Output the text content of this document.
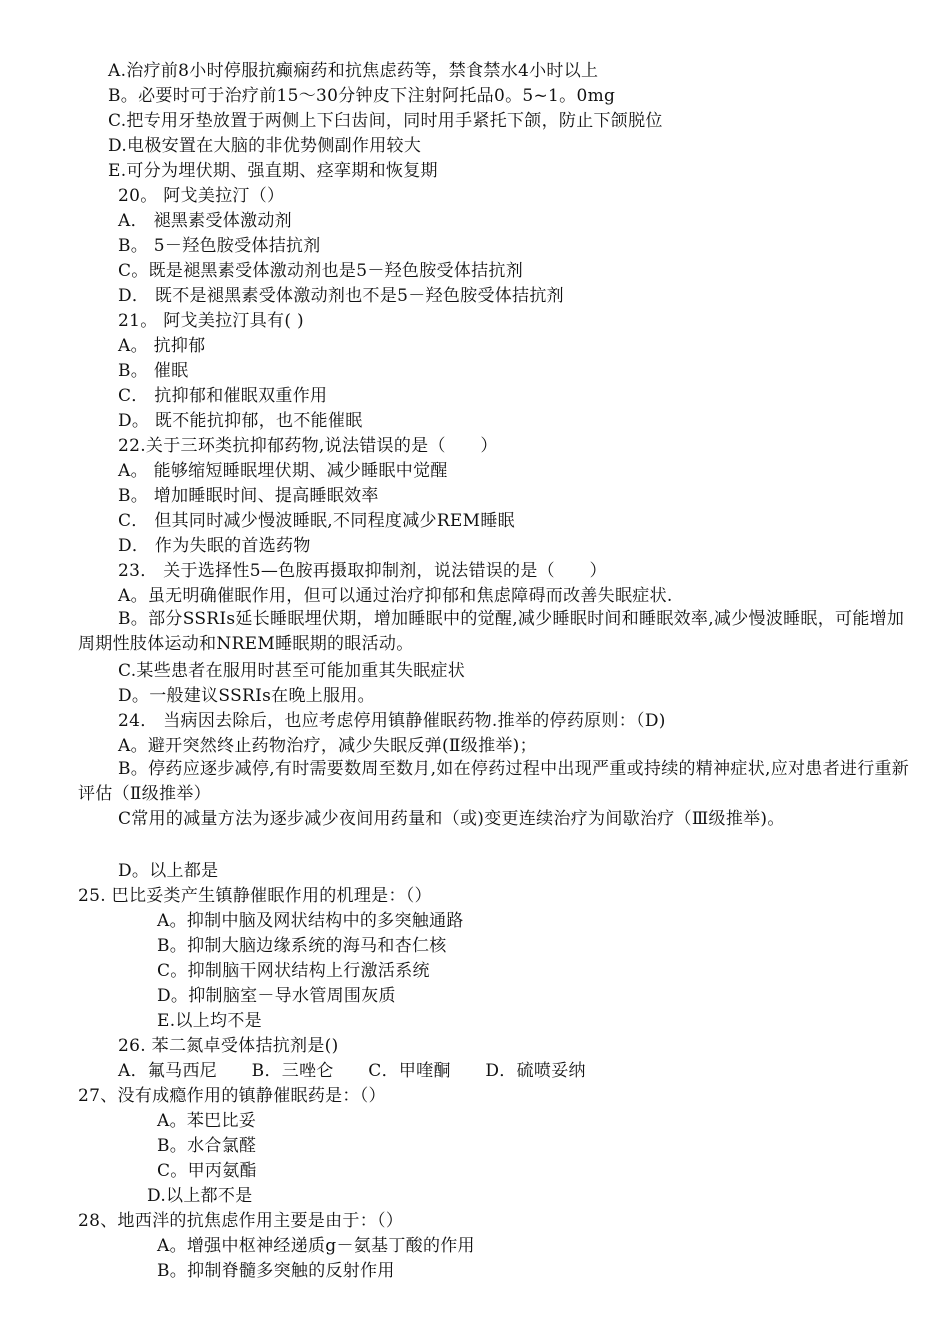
A.治疗前8小时停服抗癫痫药和抗焦虑药等，禁食禁水4小时以上
B。必要时可于治疗前15～30分钟皮下注射阿托品0。5~1。0mg
C.把专用牙垫放置于两侧上下臼齿间，同时用手紧托下颌，防止下颌脱位
D.电极安置在大脑的非优势侧副作用较大
E.可分为埋伏期、强直期、痉挛期和恢复期
20。 阿戈美拉汀（）
A． 褪黑素受体激动剂
B。 5－羟色胺受体拮抗剂
C。既是褪黑素受体激动剂也是5－羟色胺受体拮抗剂
D． 既不是褪黑素受体激动剂也不是5－羟色胺受体拮抗剂
21。 阿戈美拉汀具有( )
A。 抗抑郁
B。 催眠
C． 抗抑郁和催眠双重作用
D。 既不能抗抑郁，也不能催眠
22.关于三环类抗抑郁药物,说法错误的是（　　）
A。 能够缩短睡眠埋伏期、减少睡眠中觉醒
B。 增加睡眠时间、提高睡眠效率
C． 但其同时减少慢波睡眠,不同程度减少REM睡眠
D． 作为失眠的首选药物
23． 关于选择性5—色胺再摄取抑制剂，说法错误的是（　　）
A。虽无明确催眠作用，但可以通过治疗抑郁和焦虑障碍而改善失眠症状.
B。部分SSRIs延长睡眠埋伏期，增加睡眠中的觉醒,减少睡眠时间和睡眠效率,减少慢波睡眠，可能增加周期性肢体运动和NREM睡眠期的眼活动。
C.某些患者在服用时甚至可能加重其失眠症状
D。一般建议SSRIs在晚上服用。
24． 当病因去除后，也应考虑停用镇静催眠药物.推举的停药原则：（D)
A。避开突然终止药物治疗，减少失眠反弹(Ⅱ级推举)；
B。停药应逐步减停,有时需要数周至数月,如在停药过程中出现严重或持续的精神症状,应对患者进行重新评估（Ⅱ级推举）
C常用的减量方法为逐步减少夜间用药量和（或)变更连续治疗为间歇治疗（Ⅲ级推举)。
D。以上都是
25. 巴比妥类产生镇静催眠作用的机理是：（）
A。抑制中脑及网状结构中的多突触通路
B。抑制大脑边缘系统的海马和杏仁核
C。抑制脑干网状结构上行激活系统
D。抑制脑室－导水管周围灰质
E.以上均不是
26. 苯二氮卓受体拮抗剂是()
A．氟马西尼　　B．三唑仑　　C．甲喹酮　　D．硫喷妥纳
27、没有成瘾作用的镇静催眠药是：（）
A。苯巴比妥
B。水合氯醛
C。甲丙氨酯
D.以上都不是
28、地西泮的抗焦虑作用主要是由于：（）
A。增强中枢神经递质g－氨基丁酸的作用
B。抑制脊髓多突触的反射作用
